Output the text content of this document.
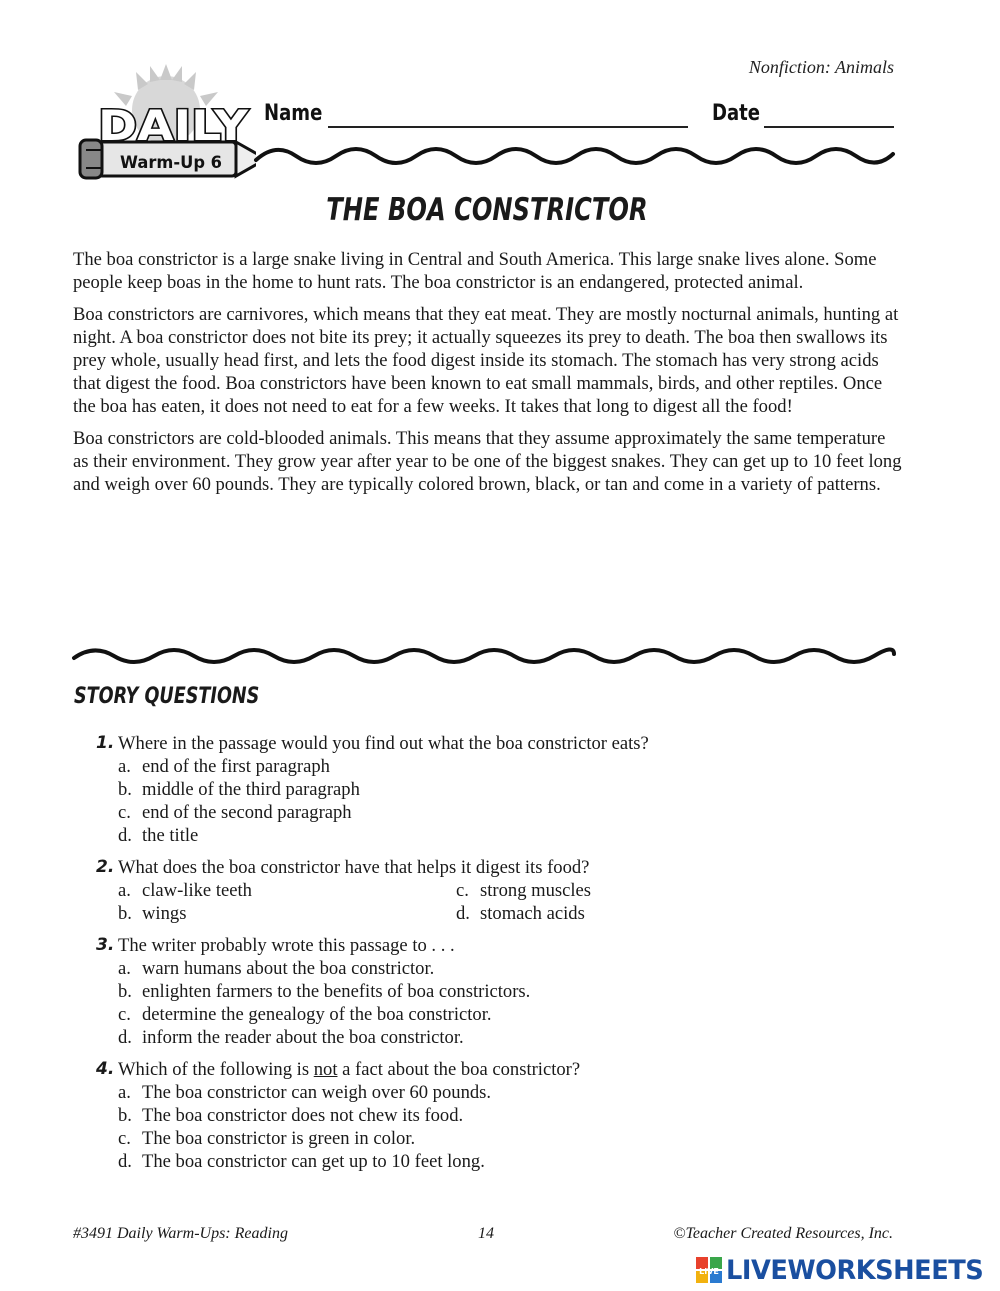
Nonfiction: Animals
DAILY
Warm-Up 6
Name	Date
THE BOA CONSTRICTOR

The boa constrictor is a large snake living in Central and South America. This large snake lives alone. Some people keep boas in the home to hunt rats. The boa constrictor is an endangered, protected animal.

Boa constrictors are carnivores, which means that they eat meat. They are mostly nocturnal animals, hunting at night. A boa constrictor does not bite its prey; it actually squeezes its prey to death. The boa then swallows its prey whole, usually head first, and lets the food digest inside its stomach. The stomach has very strong acids that digest the food. Boa constrictors have been known to eat small mammals, birds, and other reptiles. Once the boa has eaten, it does not need to eat for a few weeks. It takes that long to digest all the food!

Boa constrictors are cold-blooded animals. This means that they assume approximately the same temperature as their environment. They grow year after year to be one of the biggest snakes. They can get up to 10 feet long and weigh over 60 pounds. They are typically colored brown, black, or tan and come in a variety of patterns.

STORY QUESTIONS
1. Where in the passage would you find out what the boa constrictor eats?
a. end of the first paragraph
b. middle of the third paragraph
c. end of the second paragraph
d. the title
2. What does the boa constrictor have that helps it digest its food?
a. claw-like teeth	c. strong muscles
b. wings	d. stomach acids
3. The writer probably wrote this passage to . . .
a. warn humans about the boa constrictor.
b. enlighten farmers to the benefits of boa constrictors.
c. determine the genealogy of the boa constrictor.
d. inform the reader about the boa constrictor.
4. Which of the following is not a fact about the boa constrictor?
a. The boa constrictor can weigh over 60 pounds.
b. The boa constrictor does not chew its food.
c. The boa constrictor is green in color.
d. The boa constrictor can get up to 10 feet long.
#3491 Daily Warm-Ups: Reading	14	©Teacher Created Resources, Inc.
LIVE LIVEWORKSHEETS
